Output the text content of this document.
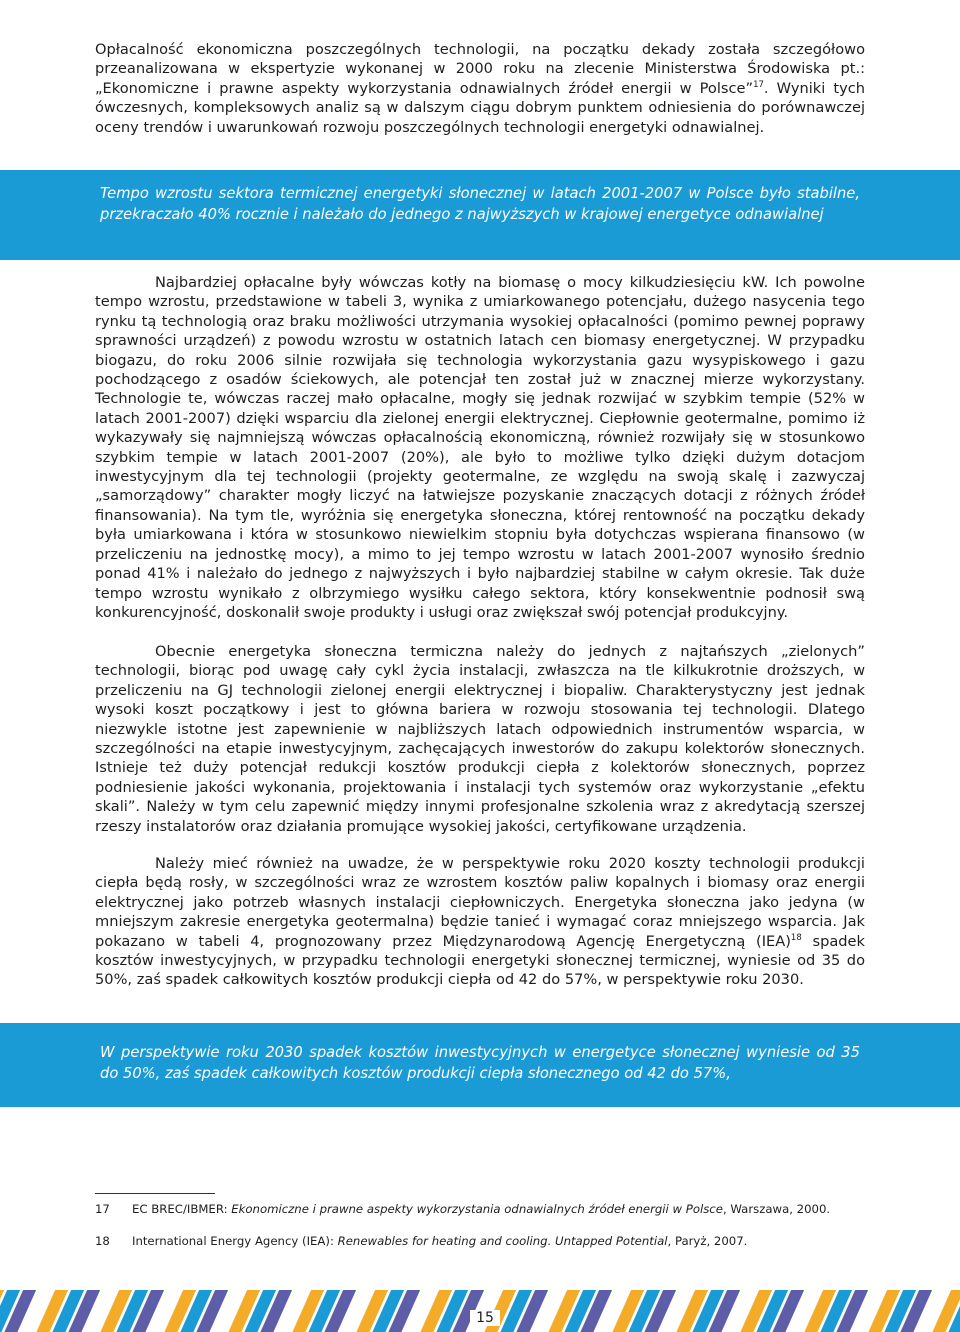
Opłacalność ekonomiczna poszczególnych technologii, na początku dekady została szczegółowo przeanalizowana w ekspertyzie wykonanej w 2000 roku na zlecenie Ministerstwa Środowiska pt.: „Ekonomiczne i prawne aspekty wykorzystania odnawialnych źródeł energii w Polsce”$^{17}$. Wyniki tych ówczesnych, kompleksowych analiz są w dalszym ciągu dobrym punktem odniesienia do porównawczej oceny trendów i uwarunkowań rozwoju poszczególnych technologii energetyki odnawialnej.

Tempo wzrostu sektora termicznej energetyki słonecznej w latach 2001-2007 w Polsce było stabilne, przekraczało 40% rocznie i należało do jednego z najwyższych w krajowej energetyce odnawialnej

Najbardziej opłacalne były wówczas kotły na biomasę o mocy kilkudziesięciu kW. Ich powolne tempo wzrostu, przedstawione w tabeli 3, wynika z umiarkowanego potencjału, dużego nasycenia tego rynku tą technologią oraz braku możliwości utrzymania wysokiej opłacalności (pomimo pewnej poprawy sprawności urządzeń) z powodu wzrostu w ostatnich latach cen biomasy energetycznej. W przypadku biogazu, do roku 2006 silnie rozwijała się technologia wykorzystania gazu wysypiskowego i gazu pochodzącego z osadów ściekowych, ale potencjał ten został już w znacznej mierze wykorzystany. Technologie te, wówczas raczej mało opłacalne, mogły się jednak rozwijać w szybkim tempie (52% w latach 2001-2007) dzięki wsparciu dla zielonej energii elektrycznej. Ciepłownie geotermalne, pomimo iż wykazywały się najmniejszą wówczas opłacalnością ekonomiczną, również rozwijały się w stosunkowo szybkim tempie w latach 2001-2007 (20%), ale było to możliwe tylko dzięki dużym dotacjom inwestycyjnym dla tej technologii (projekty geotermalne, ze względu na swoją skalę i zazwyczaj „samorządowy” charakter mogły liczyć na łatwiejsze pozyskanie znaczących dotacji z różnych źródeł finansowania). Na tym tle, wyróżnia się energetyka słoneczna, której rentowność na początku dekady była umiarkowana i która w stosunkowo niewielkim stopniu była dotychczas wspierana finansowo (w przeliczeniu na jednostkę mocy), a mimo to jej tempo wzrostu w latach 2001-2007 wynosiło średnio ponad 41% i należało do jednego z najwyższych i było najbardziej stabilne w całym okresie. Tak duże tempo wzrostu wynikało z olbrzymiego wysiłku całego sektora, który konsekwentnie podnosił swą konkurencyjność, doskonalił swoje produkty i usługi oraz zwiększał swój potencjał produkcyjny.

Obecnie energetyka słoneczna termiczna należy do jednych z najtańszych „zielonych” technologii, biorąc pod uwagę cały cykl życia instalacji, zwłaszcza na tle kilkukrotnie droższych, w przeliczeniu na GJ technologii zielonej energii elektrycznej i biopaliw. Charakterystyczny jest jednak wysoki koszt początkowy i jest to główna bariera w rozwoju stosowania tej technologii. Dlatego niezwykle istotne jest zapewnienie w najbliższych latach odpowiednich instrumentów wsparcia, w szczególności na etapie inwestycyjnym, zachęcających inwestorów do zakupu kolektorów słonecznych. Istnieje też duży potencjał redukcji kosztów produkcji ciepła z kolektorów słonecznych, poprzez podniesienie jakości wykonania, projektowania i instalacji tych systemów oraz wykorzystanie „efektu skali”. Należy w tym celu zapewnić między innymi profesjonalne szkolenia wraz z akredytacją szerszej rzeszy instalatorów oraz działania promujące wysokiej jakości, certyfikowane urządzenia.

Należy mieć również na uwadze, że w perspektywie roku 2020 koszty technologii produkcji ciepła będą rosły, w szczególności wraz ze wzrostem kosztów paliw kopalnych i biomasy oraz energii elektrycznej jako potrzeb własnych instalacji ciepłowniczych. Energetyka słoneczna jako jedyna (w mniejszym zakresie energetyka geotermalna) będzie tanieć i wymagać coraz mniejszego wsparcia. Jak pokazano w tabeli 4, prognozowany przez Międzynarodową Agencję Energetyczną (IEA)$^{18}$ spadek kosztów inwestycyjnych, w przypadku technologii energetyki słonecznej termicznej, wyniesie od 35 do 50%, zaś spadek całkowitych kosztów produkcji ciepła od 42 do 57%, w perspektywie roku 2030.

W perspektywie roku 2030 spadek kosztów inwestycyjnych w energetyce słonecznej wyniesie od 35 do 50%, zaś spadek całkowitych kosztów produkcji ciepła słonecznego od 42 do 57%,

17 EC BREC/IBMER: Ekonomiczne i prawne aspekty wykorzystania odnawialnych źródeł energii w Polsce, Warszawa, 2000.

18 International Energy Agency (IEA): Renewables for heating and cooling. Untapped Potential, Paryż, 2007.

15
